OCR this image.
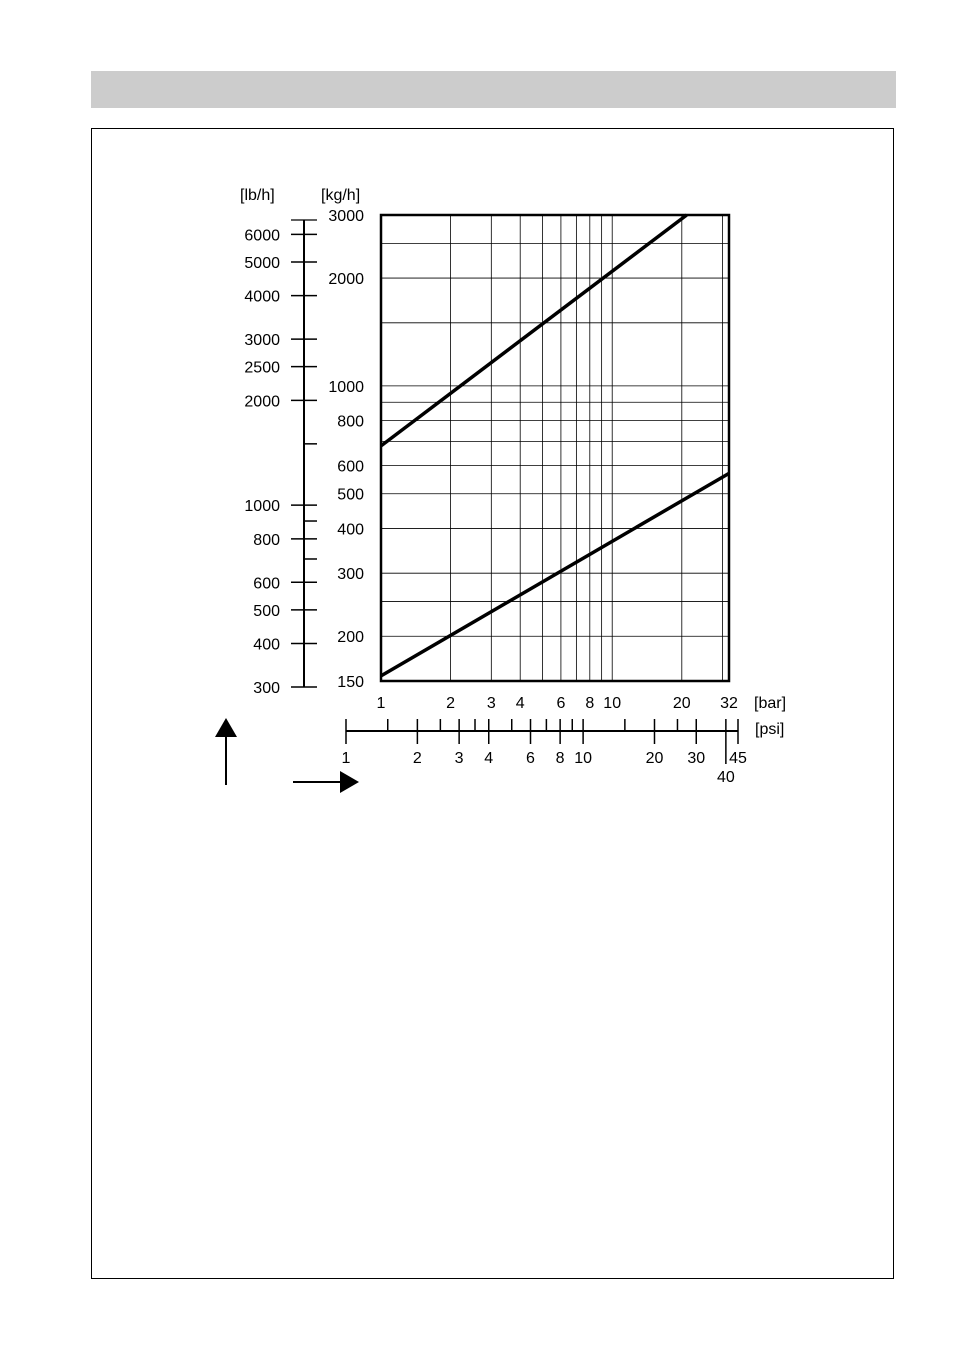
150
200
300
400
500
600
800
1000
2000
3000
1	2 3 4 6 8 10	20 32
300
400
500
600
800
1000
2000
2500
3000
4000
5000
6000
1	2 3 4 6 8 10	20 30
40
45
[lb/h]	[kg/h]
[bar]
[psi]
